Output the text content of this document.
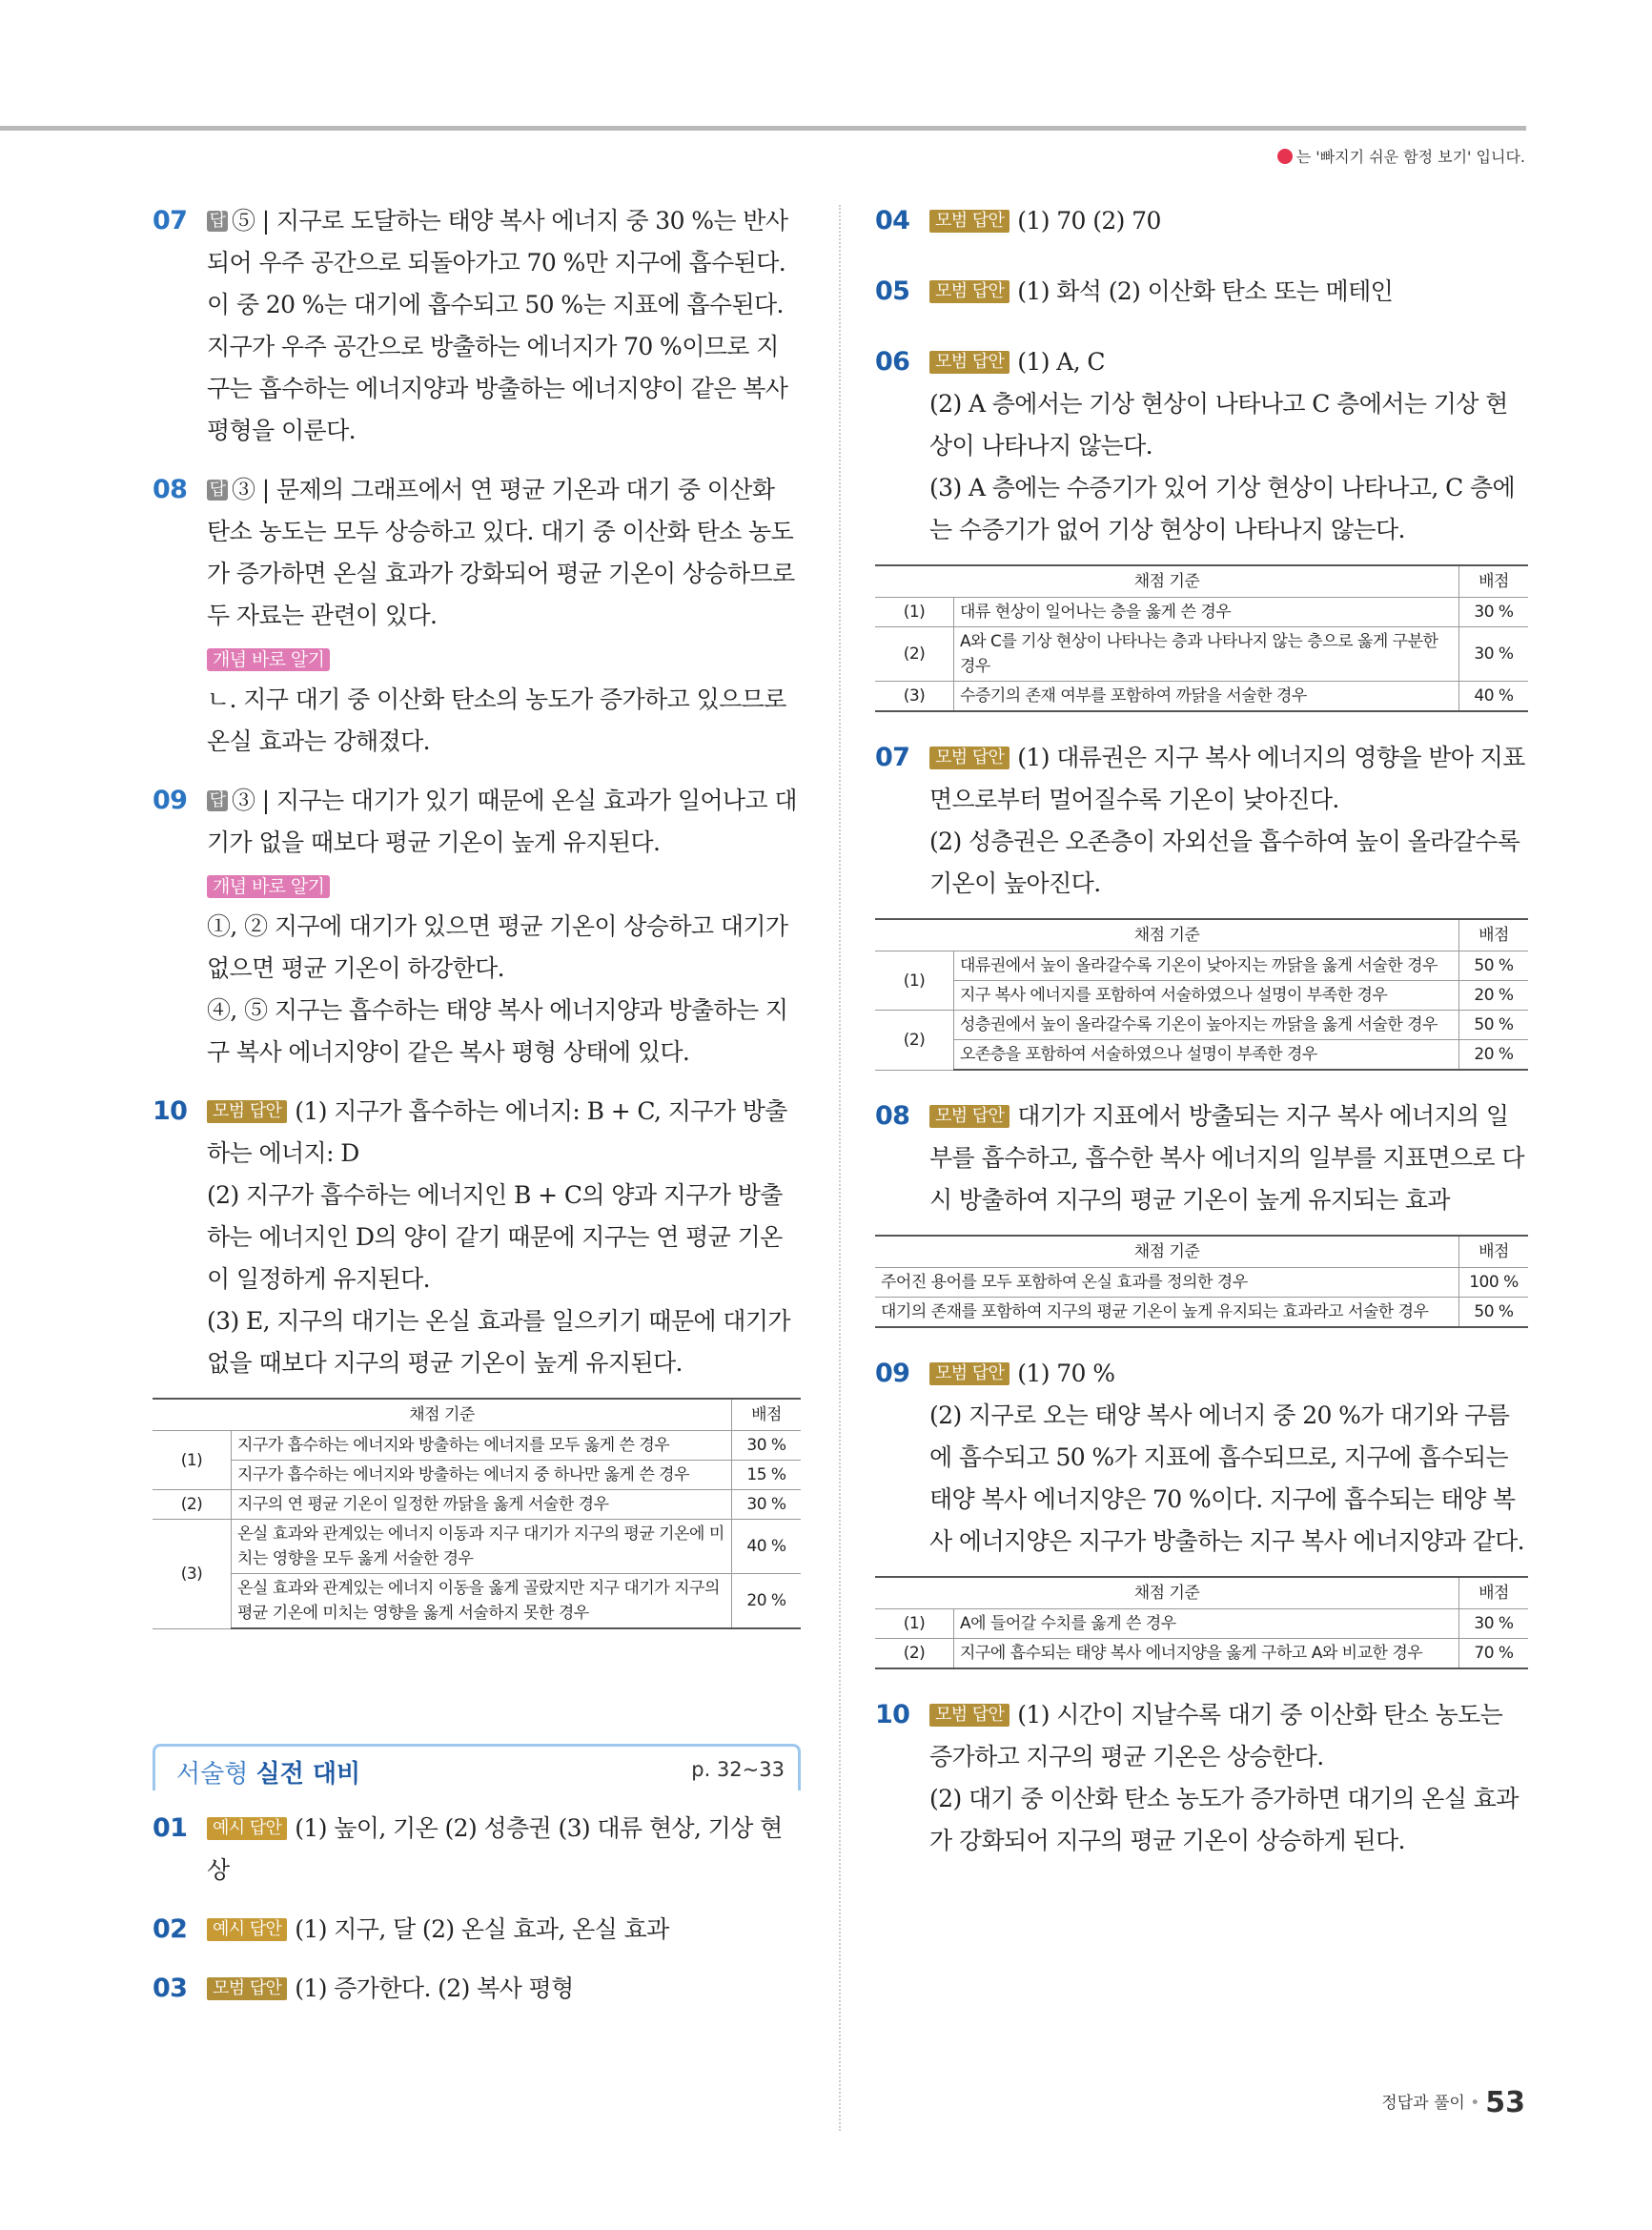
는 '빠지기 쉬운 함정 보기' 입니다.
07 답 ⑤ | 지구로 도달하는 태양 복사 에너지 중 30 %는 반사되어 우주 공간으로 되돌아가고 70 %만 지구에 흡수된다. 이 중 20 %는 대기에 흡수되고 50 %는 지표에 흡수된다. 지구가 우주 공간으로 방출하는 에너지가 70 %이므로 지구는 흡수하는 에너지양과 방출하는 에너지양이 같은 복사 평형을 이룬다.
08 답 ③ | 문제의 그래프에서 연 평균 기온과 대기 중 이산화 탄소 농도는 모두 상승하고 있다. 대기 중 이산화 탄소 농도가 증가하면 온실 효과가 강화되어 평균 기온이 상승하므로 두 자료는 관련이 있다.
개념 바로 알기
ㄴ. 지구 대기 중 이산화 탄소의 농도가 증가하고 있으므로 온실 효과는 강해졌다.
09 답 ③ | 지구는 대기가 있기 때문에 온실 효과가 일어나고 대기가 없을 때보다 평균 기온이 높게 유지된다.
개념 바로 알기
①, ② 지구에 대기가 있으면 평균 기온이 상승하고 대기가 없으면 평균 기온이 하강한다.
④, ⑤ 지구는 흡수하는 태양 복사 에너지양과 방출하는 지구 복사 에너지양이 같은 복사 평형 상태에 있다.
10 모범 답안 (1) 지구가 흡수하는 에너지: B + C, 지구가 방출하는 에너지: D
(2) 지구가 흡수하는 에너지인 B + C의 양과 지구가 방출하는 에너지인 D의 양이 같기 때문에 지구는 연 평균 기온이 일정하게 유지된다.
(3) E, 지구의 대기는 온실 효과를 일으키기 때문에 대기가 없을 때보다 지구의 평균 기온이 높게 유지된다.
채점 기준		배점
(1)	지구가 흡수하는 에너지와 방출하는 에너지를 모두 옳게 쓴 경우	30 %
	지구가 흡수하는 에너지와 방출하는 에너지 중 하나만 옳게 쓴 경우	15 %
(2)	지구의 연 평균 기온이 일정한 까닭을 옳게 서술한 경우	30 %
(3)	온실 효과와 관계있는 에너지 이동과 지구 대기가 지구의 평균 기온에 미치는 영향을 모두 옳게 서술한 경우	40 %
	온실 효과와 관계있는 에너지 이동을 옳게 골랐지만 지구 대기가 지구의 평균 기온에 미치는 영향을 옳게 서술하지 못한 경우	20 %
서술형 실전 대비	p. 32~33
01 예시 답안 (1) 높이, 기온 (2) 성층권 (3) 대류 현상, 기상 현상
02 예시 답안 (1) 지구, 달 (2) 온실 효과, 온실 효과
03 모범 답안 (1) 증가한다. (2) 복사 평형
04 모범 답안 (1) 70 (2) 70
05 모범 답안 (1) 화석 (2) 이산화 탄소 또는 메테인
06 모범 답안 (1) A, C
(2) A 층에서는 기상 현상이 나타나고 C 층에서는 기상 현상이 나타나지 않는다.
(3) A 층에는 수증기가 있어 기상 현상이 나타나고, C 층에는 수증기가 없어 기상 현상이 나타나지 않는다.
채점 기준		배점
(1)	대류 현상이 일어나는 층을 옳게 쓴 경우	30 %
(2)	A와 C를 기상 현상이 나타나는 층과 나타나지 않는 층으로 옳게 구분한 경우	30 %
(3)	수증기의 존재 여부를 포함하여 까닭을 서술한 경우	40 %
07 모범 답안 (1) 대류권은 지구 복사 에너지의 영향을 받아 지표면으로부터 멀어질수록 기온이 낮아진다.
(2) 성층권은 오존층이 자외선을 흡수하여 높이 올라갈수록 기온이 높아진다.
채점 기준		배점
(1)	대류권에서 높이 올라갈수록 기온이 낮아지는 까닭을 옳게 서술한 경우	50 %
	지구 복사 에너지를 포함하여 서술하였으나 설명이 부족한 경우	20 %
(2)	성층권에서 높이 올라갈수록 기온이 높아지는 까닭을 옳게 서술한 경우	50 %
	오존층을 포함하여 서술하였으나 설명이 부족한 경우	20 %
08 모범 답안 대기가 지표에서 방출되는 지구 복사 에너지의 일부를 흡수하고, 흡수한 복사 에너지의 일부를 지표면으로 다시 방출하여 지구의 평균 기온이 높게 유지되는 효과
채점 기준	배점
주어진 용어를 모두 포함하여 온실 효과를 정의한 경우	100 %
대기의 존재를 포함하여 지구의 평균 기온이 높게 유지되는 효과라고 서술한 경우	50 %
09 모범 답안 (1) 70 %
(2) 지구로 오는 태양 복사 에너지 중 20 %가 대기와 구름에 흡수되고 50 %가 지표에 흡수되므로, 지구에 흡수되는 태양 복사 에너지양은 70 %이다. 지구에 흡수되는 태양 복사 에너지양은 지구가 방출하는 지구 복사 에너지양과 같다.
채점 기준		배점
(1)	A에 들어갈 수치를 옳게 쓴 경우	30 %
(2)	지구에 흡수되는 태양 복사 에너지양을 옳게 구하고 A와 비교한 경우	70 %
10 모범 답안 (1) 시간이 지날수록 대기 중 이산화 탄소 농도는 증가하고 지구의 평균 기온은 상승한다.
(2) 대기 중 이산화 탄소 농도가 증가하면 대기의 온실 효과가 강화되어 지구의 평균 기온이 상승하게 된다.
정답과 풀이 • 53
